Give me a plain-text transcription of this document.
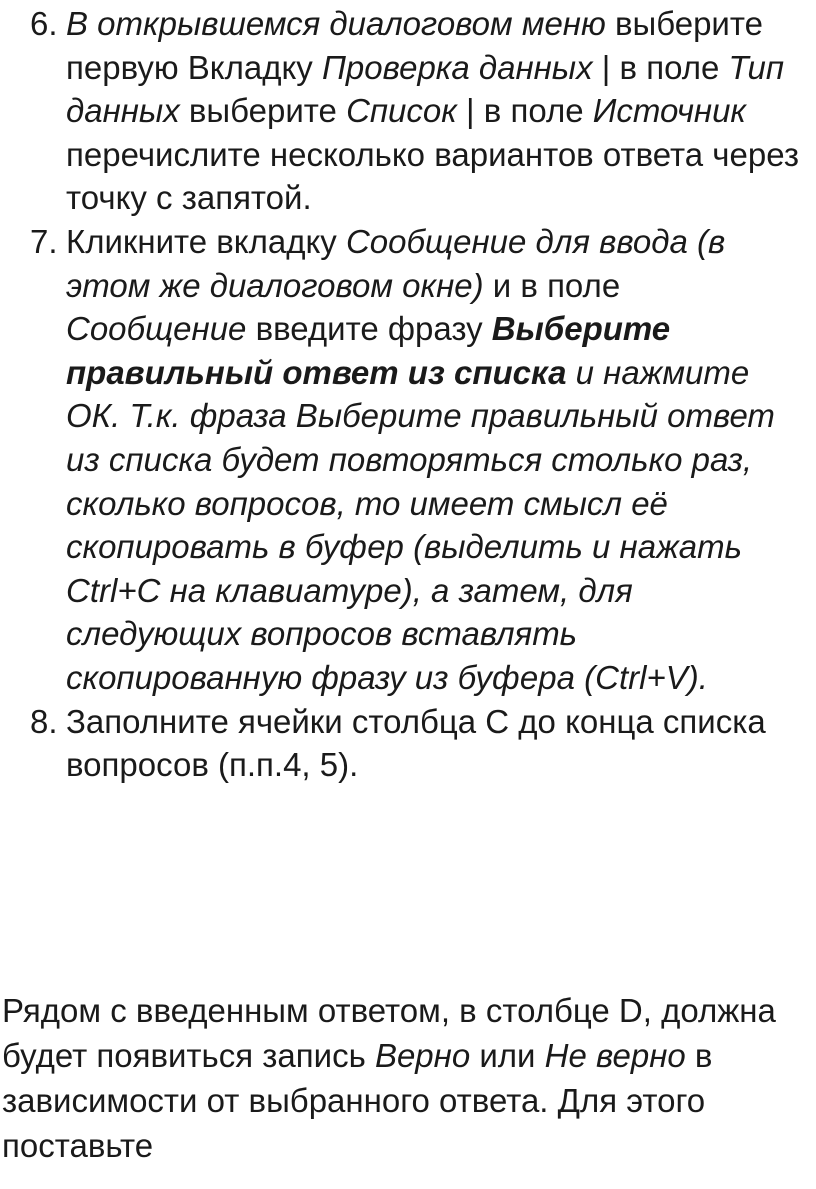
6. В открывшемся диалоговом меню выберите первую Вкладку Проверка данных | в поле Тип данных выберите Список | в поле Источник перечислите несколько вариантов ответа через точку с запятой.
7. Кликните вкладку Сообщение для ввода (в этом же диалоговом окне) и в поле Сообщение введите фразу Выберите правильный ответ из списка и нажмите ОК. Т.к. фраза Выберите правильный ответ из списка будет повторяться столько раз, сколько вопросов, то имеет смысл её скопировать в буфер (выделить и нажать Ctrl+C на клавиатуре), а затем, для следующих вопросов вставлять скопированную фразу из буфера (Ctrl+V).
8. Заполните ячейки столбца С до конца списка вопросов (п.п.4, 5).

Рядом с введенным ответом, в столбце D, должна будет появиться запись Верно или Не верно в зависимости от выбранного ответа. Для этого поставьте
